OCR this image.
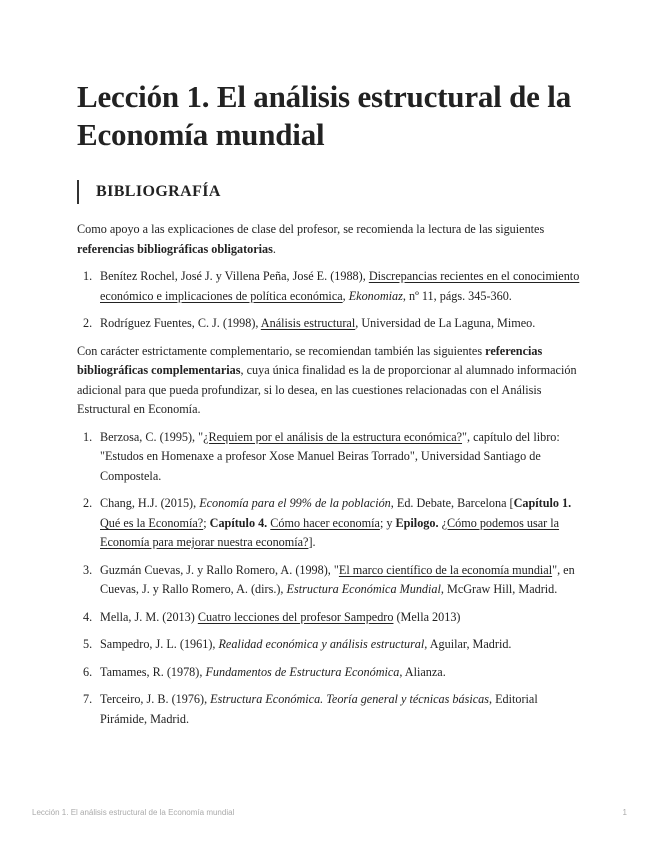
Lección 1. El análisis estructural de la Economía mundial
BIBLIOGRAFÍA

Como apoyo a las explicaciones de clase del profesor, se recomienda la lectura de las siguientes referencias bibliográficas obligatorias.

1. Benítez Rochel, José J. y Villena Peña, José E. (1988), Discrepancias recientes en el conocimiento económico e implicaciones de política económica, Ekonomiaz, nº 11, págs. 345-360.
2. Rodríguez Fuentes, C. J. (1998), Análisis estructural, Universidad de La Laguna, Mimeo.

Con carácter estrictamente complementario, se recomiendan también las siguientes referencias bibliográficas complementarias, cuya única finalidad es la de proporcionar al alumnado información adicional para que pueda profundizar, si lo desea, en las cuestiones relacionadas con el Análisis Estructural en Economía.

1. Berzosa, C. (1995), "¿Requiem por el análisis de la estructura económica?", capítulo del libro: "Estudos en Homenaxe a profesor Xose Manuel Beiras Torrado", Universidad Santiago de Compostela.
2. Chang, H.J. (2015), Economía para el 99% de la población, Ed. Debate, Barcelona [Capítulo 1. Qué es la Economía?; Capítulo 4. Cómo hacer economía; y Epilogo. ¿Cómo podemos usar la Economía para mejorar nuestra economía?].
3. Guzmán Cuevas, J. y Rallo Romero, A. (1998), "El marco científico de la economía mundial", en Cuevas, J. y Rallo Romero, A. (dirs.), Estructura Económica Mundial, McGraw Hill, Madrid.
4. Mella, J. M. (2013) Cuatro lecciones del profesor Sampedro (Mella 2013)
5. Sampedro, J. L. (1961), Realidad económica y análisis estructural, Aguilar, Madrid.
6. Tamames, R. (1978), Fundamentos de Estructura Económica, Alianza.
7. Terceiro, J. B. (1976), Estructura Económica. Teoría general y técnicas básicas, Editorial Pirámide, Madrid.
Lección 1. El análisis estructural de la Economía mundial	1
